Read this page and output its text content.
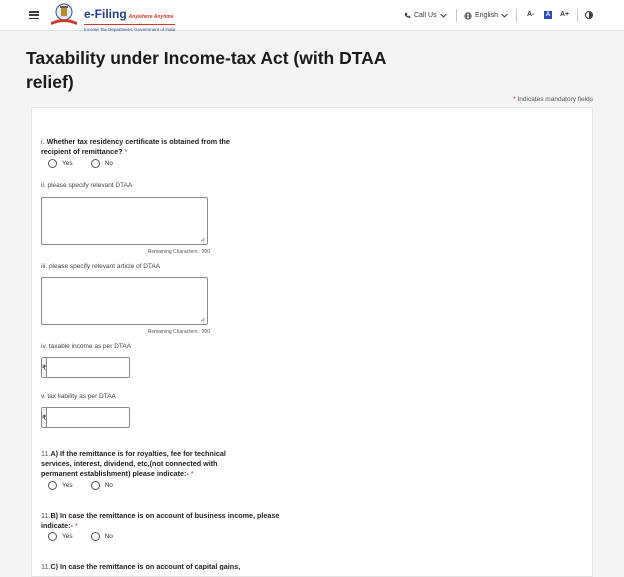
e-Filing Anywhere Anytime
Income Tax Department, Government of India
Call Us	English	A-	A A+
Taxability under Income-tax Act (with DTAA relief)
* Indicates mandatory fields
i. Whether tax residency certificate is obtained from the recipient of remittance? *
Yes	No
ii. please specify relevant DTAA
Remaining Characters : 200
iii. please specify relevant article of DTAA
Remaining Characters : 200
iv. taxable income as per DTAA
₹
v. tax liability as per DTAA
₹
11.A) If the remittance is for royalties, fee for technical services, interest, dividend, etc,(not connected with permanent establishment) please indicate:- *
Yes	No
11.B) In case the remittance is on account of business income, please indicate:- *
Yes	No
11.C) In case the remittance is on account of capital gains,
